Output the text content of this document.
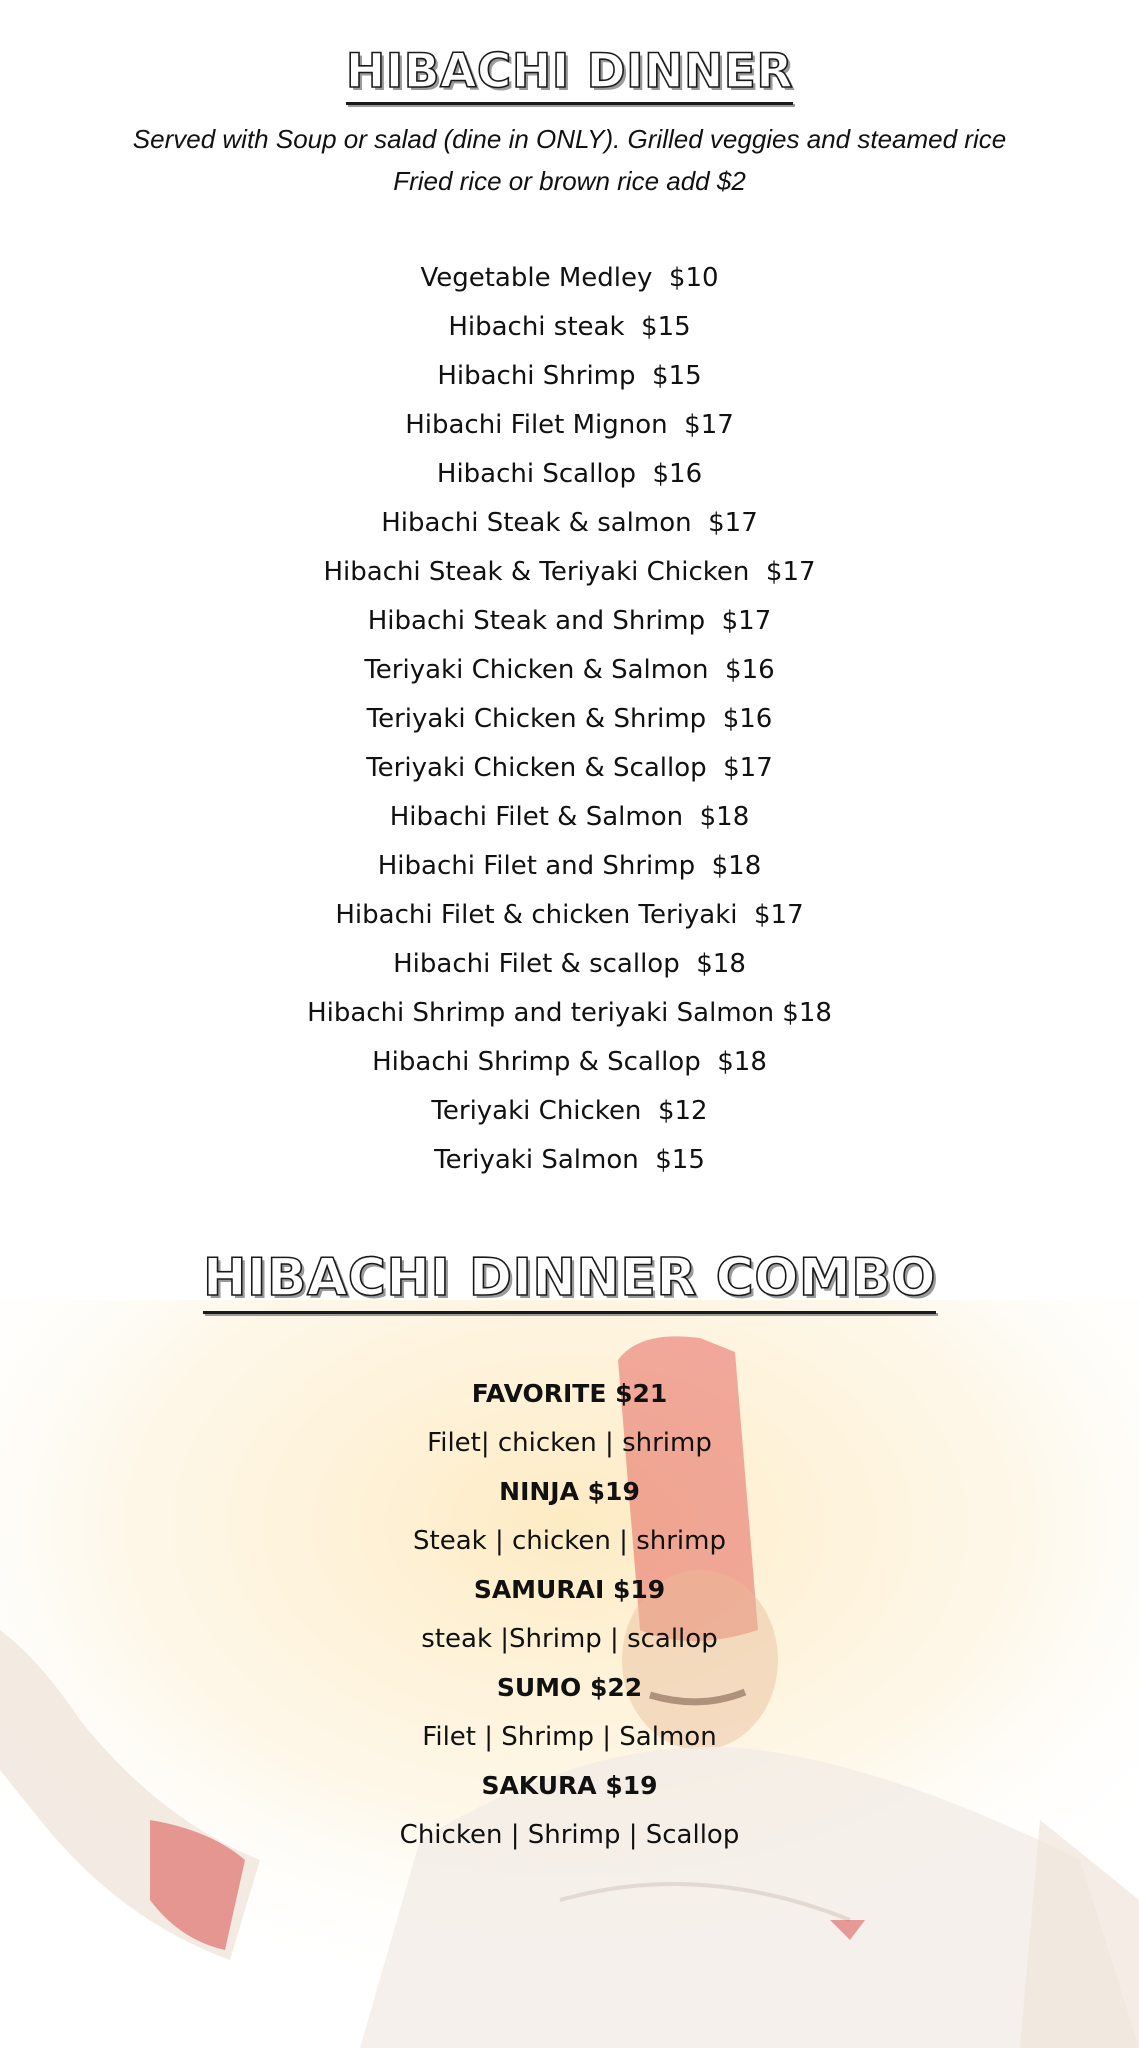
HIBACHI DINNER
Served with Soup or salad (dine in ONLY). Grilled veggies and steamed rice
Fried rice or brown rice add $2
Vegetable Medley  $10
Hibachi steak  $15
Hibachi Shrimp  $15
Hibachi Filet Mignon  $17
Hibachi Scallop  $16
Hibachi Steak & salmon  $17
Hibachi Steak & Teriyaki Chicken  $17
Hibachi Steak and Shrimp  $17
Teriyaki Chicken & Salmon  $16
Teriyaki Chicken & Shrimp  $16
Teriyaki Chicken & Scallop  $17
Hibachi Filet & Salmon  $18
Hibachi Filet and Shrimp  $18
Hibachi Filet & chicken Teriyaki  $17
Hibachi Filet & scallop  $18
Hibachi Shrimp and teriyaki Salmon $18
Hibachi Shrimp & Scallop  $18
Teriyaki Chicken  $12
Teriyaki Salmon  $15
HIBACHI DINNER COMBO
FAVORITE $21
Filet| chicken | shrimp
NINJA $19
Steak | chicken | shrimp
SAMURAI $19
steak |Shrimp | scallop
SUMO $22
Filet | Shrimp | Salmon
SAKURA $19
Chicken | Shrimp | Scallop
